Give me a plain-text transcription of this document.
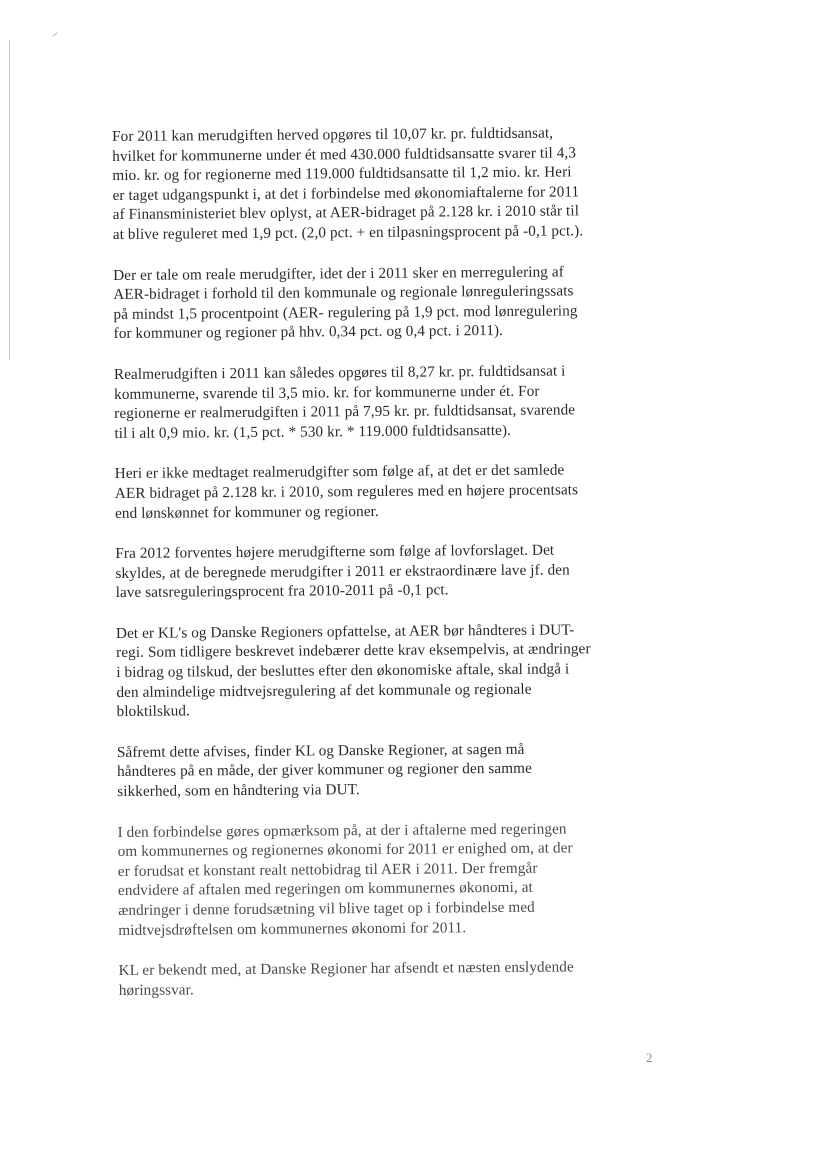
For 2011 kan merudgiften herved opgøres til 10,07 kr. pr. fuldtidsansat,
hvilket for kommunerne under ét med 430.000 fuldtidsansatte svarer til 4,3
mio. kr. og for regionerne med 119.000 fuldtidsansatte til 1,2 mio. kr. Heri
er taget udgangspunkt i, at det i forbindelse med økonomiaftalerne for 2011
af Finansministeriet blev oplyst, at AER-bidraget på 2.128 kr. i 2010 står til
at blive reguleret med 1,9 pct. (2,0 pct. + en tilpasningsprocent på -0,1 pct.).

Der er tale om reale merudgifter, idet der i 2011 sker en merregulering af
AER-bidraget i forhold til den kommunale og regionale lønreguleringssats
på mindst 1,5 procentpoint (AER- regulering på 1,9 pct. mod lønregulering
for kommuner og regioner på hhv. 0,34 pct. og 0,4 pct. i 2011).

Realmerudgiften i 2011 kan således opgøres til 8,27 kr. pr. fuldtidsansat i
kommunerne, svarende til 3,5 mio. kr. for kommunerne under ét. For
regionerne er realmerudgiften i 2011 på 7,95 kr. pr. fuldtidsansat, svarende
til i alt 0,9 mio. kr. (1,5 pct. * 530 kr. * 119.000 fuldtidsansatte).

Heri er ikke medtaget realmerudgifter som følge af, at det er det samlede
AER bidraget på 2.128 kr. i 2010, som reguleres med en højere procentsats
end lønskønnet for kommuner og regioner.

Fra 2012 forventes højere merudgifterne som følge af lovforslaget. Det
skyldes, at de beregnede merudgifter i 2011 er ekstraordinære lave jf. den
lave satsreguleringsprocent fra 2010-2011 på -0,1 pct.

Det er KL's og Danske Regioners opfattelse, at AER bør håndteres i DUT-
regi. Som tidligere beskrevet indebærer dette krav eksempelvis, at ændringer
i bidrag og tilskud, der besluttes efter den økonomiske aftale, skal indgå i
den almindelige midtvejsregulering af det kommunale og regionale
bloktilskud.

Såfremt dette afvises, finder KL og Danske Regioner, at sagen må
håndteres på en måde, der giver kommuner og regioner den samme
sikkerhed, som en håndtering via DUT.

I den forbindelse gøres opmærksom på, at der i aftalerne med regeringen
om kommunernes og regionernes økonomi for 2011 er enighed om, at der
er forudsat et konstant realt nettobidrag til AER i 2011. Der fremgår
endvidere af aftalen med regeringen om kommunernes økonomi, at
ændringer i denne forudsætning vil blive taget op i forbindelse med
midtvejsdrøftelsen om kommunernes økonomi for 2011.

KL er bekendt med, at Danske Regioner har afsendt et næsten enslydende
høringssvar.

2
